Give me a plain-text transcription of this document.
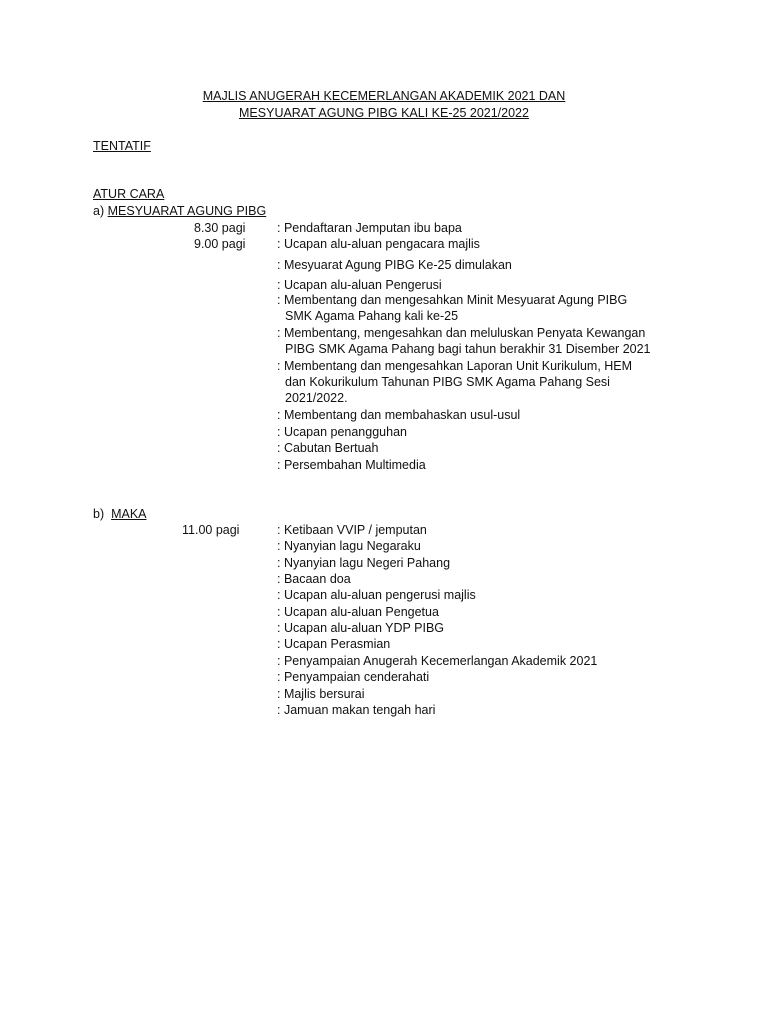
MAJLIS ANUGERAH KECEMERLANGAN AKADEMIK 2021 DAN
MESYUARAT AGUNG PIBG KALI KE-25 2021/2022
TENTATIF
ATUR CARA
a) MESYUARAT AGUNG PIBG
8.30 pagi
9.00 pagi
: Pendaftaran Jemputan ibu bapa
: Ucapan alu-aluan pengacara majlis
: Mesyuarat Agung PIBG Ke-25 dimulakan
: Ucapan alu-aluan Pengerusi
: Membentang dan mengesahkan Minit Mesyuarat Agung PIBG
SMK Agama Pahang kali ke-25
: Membentang, mengesahkan dan meluluskan Penyata Kewangan
PIBG SMK Agama Pahang bagi tahun berakhir 31 Disember 2021
: Membentang dan mengesahkan Laporan Unit Kurikulum, HEM
dan Kokurikulum Tahunan PIBG SMK Agama Pahang Sesi
2021/2022.
: Membentang dan membahaskan usul-usul
: Ucapan penangguhan
: Cabutan Bertuah
: Persembahan Multimedia
b) MAKA
11.00 pagi	: Ketibaan VVIP / jemputan
: Nyanyian lagu Negaraku
: Nyanyian lagu Negeri Pahang
: Bacaan doa
: Ucapan alu-aluan pengerusi majlis
: Ucapan alu-aluan Pengetua
: Ucapan alu-aluan YDP PIBG
: Ucapan Perasmian
: Penyampaian Anugerah Kecemerlangan Akademik 2021
: Penyampaian cenderahati
: Majlis bersurai
: Jamuan makan tengah hari
